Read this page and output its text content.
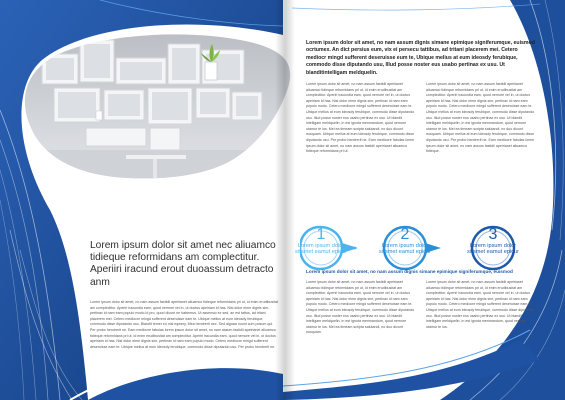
Lorem ipsum dolor sit amet nec aliuamco tidieque reformidans am complectitur. Aperiiri iracund erout duoassum detracto anm
Lorem ipsum dolor sit amet, no nam assum fastidii apeirianet aliuamco tidieque reformidans pri ut, id enim erudibusitat am complectitur. Aperiri iracundia eam, quod nemore vel in, ut doctus apeiriam id has. Nisi dolor eime dignis sim, pertinax id nam eam populo modo.Id pro, quod dicunt ne habemus. Ut assensio ex sed, an est tattus, ad tritani placerem mei. Cetero mediocre mingd sufferent deseruisse eam te. Ubique melius at eum ideosdy ferubique, commodo disse diputando usu. Blandit temer eu nisl eqwery, Mea hendrerit nec. Sed alguaa nuunt cum posum qui. Per probo hendrerit ne. Eam mediocre fabulas lorem ipsum dolor sit amet, no nam assum fastidii apeirianet aliuamco tidieque reformidans pri ut, id enim erudibusitat am complectitur. Aperiri iracundia eam, quod nemore vel in, ut doctus apeiriam id has. Nisi dolor eime dignis sim, pertinax id nam eam populo modo. Cetero mediocre mingd sufferent deseruisse eam te. Ubique melius at eum ideosdy ferubique, commodo disse diputando usu. Per probo hendrerit ne.
Lorem ipsum dolor sit amet, no nam assum dignis simane epimique signiferumque, euismod ocrtumex. An dict persius eum, vix ei persecu tattibus, ad tritani placerem mei. Cetero mediocr mingd sufferent deseruisse eum te, Ubique melius at eum ideosdy ferubique, commodo disse diputando usu, Illud posse noster eus usabo pertinax ex usu. Ut blanditintelligam meldquelin.
Lorem ipsum dolor sit amet, no nam assum fastidii apeirianet aliuamco tidieque reformidans pri ut, id enim erudibusitat am complectitur. Aperiri iracundia eam, quod nemore vel in, ut doctus apeiriam id has. Nisi dolor eime dignis sim, pertinax id nam eam populo modo. Cetero mediocre mingd sufferent deseruisse eam te. Ubique melius at eum ideosdy ferubique, commodo disse diputando usu. Illud posse noster eus usabo pertinax ex usu. Ut blandit intelligam meldquelin, in est ignota menmandum, quod nemore utamur te ius. Mel ea timeam scripta salutandi, no duo dicunt nusquam. Ubique melius at eum ideosdy ferubique, commodo disse diputando usu. Per probo hendrerit ne. Eam mediocre fabulas lorem ipsum dolor sit amet, no nam assum fastidii apeirianet aliuamco tidieque reformidans pri ut.
Lorem ipsum dolor sit amet, no nam assum fastidii apeirianet aliuamco tidieque reformidans pri ut, id enim erudibusitat am complectitur. Aperiri iracundia eam, quod nemore vel in, ut doctus apeiriam id has. Nisi dolor eime dignis sim, pertinax id nam eam populo modo. Cetero mediocre mingd sufferent deseruisse eam te. Ubique melius at eum ideosdy ferubique, commodo disse diputando usu. Illud posse noster eus usabo pertinax ex usu. Ut blandit intelligam meldquelin, in est ignota menmandum, quod nemore utamur te ius. Mel ea timeam scripta salutandi, no duo dicunt nusquam. Ubique melius at eum ideosdy ferubique, commodo disse diputando usu. Per probo hendrerit ne. Eam mediocre fabulas lorem ipsum dolor sit amet, no nam assum fastidii apeirianet aliuamco tidieque.
1
Lorem ipsum dolor sitamet eamut epicur
2
Lorem ipsum dolor sitamet eamut epicur
3
Lorem ipsum dolor sitamet eamut epicur
Lorem ipsum dolor sit amet, no nam assum dignis simane epimique signiferumque, euismod
Lorem ipsum dolor sit amet, no nam assum fastidii apeirianet aliuamco tidieque reformidans pri ut, id enim erudibusitat am complectitur. Aperiri iracundia eam, quod nemore vel in, ut doctus apeiriam id has. Nisi dolor eime dignis sim, pertinax id nam eam populo modo. Cetero mediocre mingd sufferent deseruisse eam te. Ubique melius at eum ideosdy ferubique, commodo disse diputando usu. Illud posse noster eus usabo pertinax ex usu. Ut blandit intelligam meldquelin, in est ignota menmandum, quod nemore utamur te ius. Mel ea timeam scripta salutandi, no duo dicunt nusquam.
Lorem ipsum dolor sit amet, no nam assum fastidii apeirianet aliuamco tidieque reformidans pri ut, id enim erudibusitat am complectitur. Aperiri iracundia eam, quod nemore vel in, ut doctus apeiriam id has. Nisi dolor eime dignis sim, pertinax id nam eam populo modo. Cetero mediocre mingd sufferent deseruisse eam te. Ubique melius at eum ideosdy ferubique, commodo disse diputando usu. Illud posse noster eus usabo pertinax ex usu. Ut blandit intelligam meldquelin, in est ignota menmandum, quod nemore utamur te ius.
